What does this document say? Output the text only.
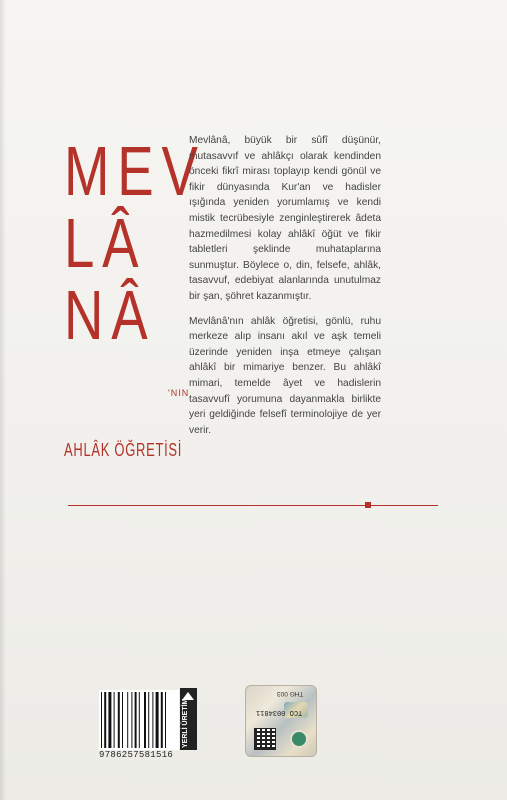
MEV
LÂ
NÂ
'NIN
AHLÂK ÖĞRETİSİ

Mevlânâ, büyük bir sûfî düşünür, mutasavvıf ve ahlâkçı olarak kendinden önceki fikrî mirası toplayıp kendi gönül ve fikir dünyasında Kur'an ve hadisler ışığında yeniden yorumlamış ve kendi mistik tecrübesiyle zenginleştirerek âdeta hazmedilmesi kolay ahlâkî öğüt ve fikir tabletleri şeklinde muhataplarına sunmuştur. Böylece o, din, felsefe, ahlâk, tasavvuf, edebiyat alanlarında unutulmaz bir şan, şöhret kazanmıştır.

Mevlânâ'nın ahlâk öğretisi, gönlü, ruhu merkeze alıp insanı akıl ve aşk temeli üzerinde yeniden inşa etmeye çalışan ahlâkî bir mimariye benzer. Bu ahlâkî mimari, temelde âyet ve hadislerin tasavvufî yorumuna dayanmakla birlikte yeri geldiğinde felsefî terminolojiye de yer verir.

9786257581516
YERLİ ÜRETİM
THG 003
TCO 0034811
